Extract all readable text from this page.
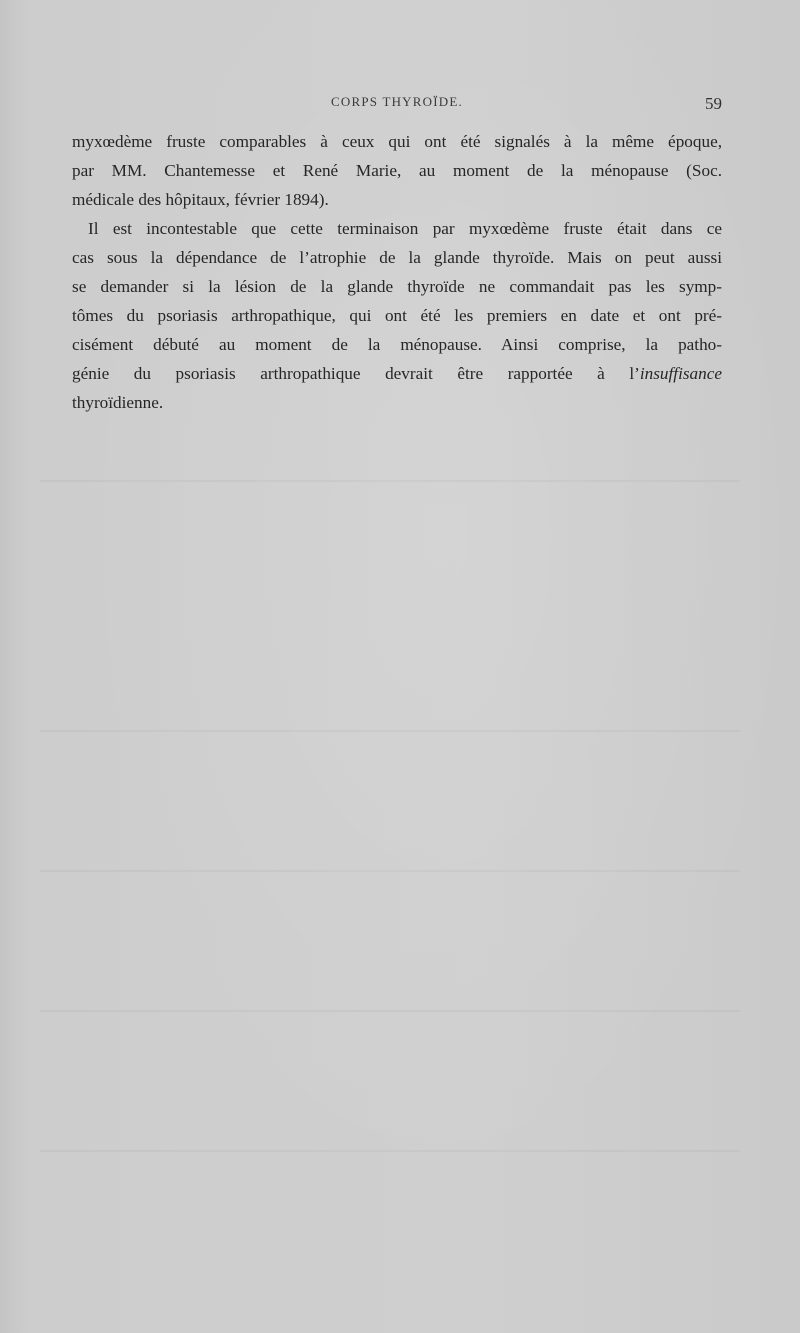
CORPS THYROÏDE.	59
myxœdème fruste comparables à ceux qui ont été signalés à la même époque,
par MM. Chantemesse et René Marie, au moment de la ménopause (Soc.
médicale des hôpitaux, février 1894).
Il est incontestable que cette terminaison par myxœdème fruste était dans ce
cas sous la dépendance de l’atrophie de la glande thyroïde. Mais on peut aussi
se demander si la lésion de la glande thyroïde ne commandait pas les symp-
tômes du psoriasis arthropathique, qui ont été les premiers en date et ont pré-
cisément débuté au moment de la ménopause. Ainsi comprise, la patho-
génie du psoriasis arthropathique devrait être rapportée à l’insuffisance
thyroïdienne.
